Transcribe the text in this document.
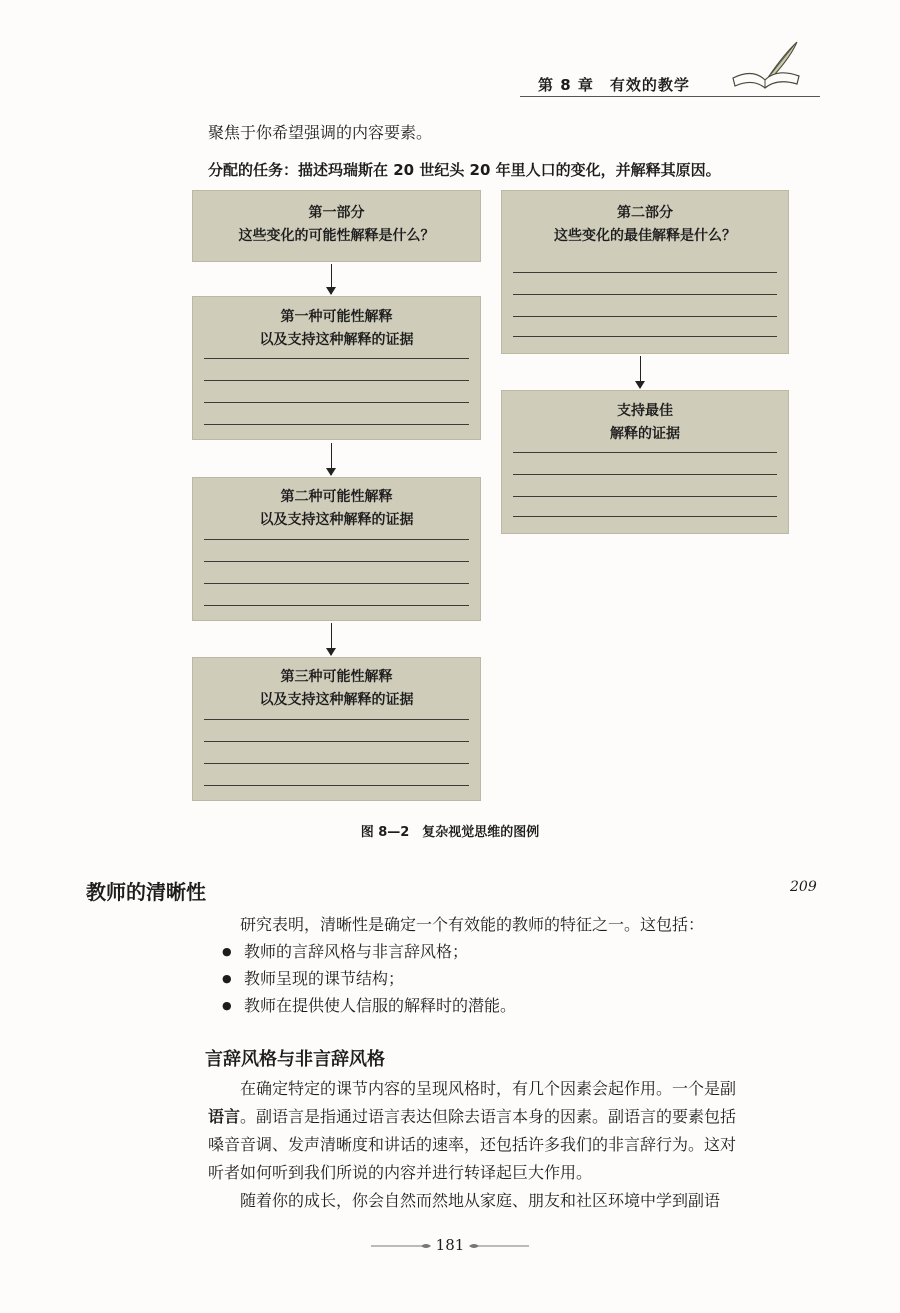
第 8 章　有效的教学
聚焦于你希望强调的内容要素。
分配的任务：描述玛瑞斯在 20 世纪头 20 年里人口的变化，并解释其原因。
第一部分
这些变化的可能性解释是什么？
第一种可能性解释
以及支持这种解释的证据
第二种可能性解释
以及支持这种解释的证据
第三种可能性解释
以及支持这种解释的证据
第二部分
这些变化的最佳解释是什么？
支持最佳
解释的证据
图 8—2　复杂视觉思维的图例
教师的清晰性	209
研究表明，清晰性是确定一个有效能的教师的特征之一。这包括：
● 教师的言辞风格与非言辞风格；
● 教师呈现的课节结构；
● 教师在提供使人信服的解释时的潜能。
言辞风格与非言辞风格
在确定特定的课节内容的呈现风格时，有几个因素会起作用。一个是副
语言。副语言是指通过语言表达但除去语言本身的因素。副语言的要素包括
嗓音音调、发声清晰度和讲话的速率，还包括许多我们的非言辞行为。这对
听者如何听到我们所说的内容并进行转译起巨大作用。
随着你的成长，你会自然而然地从家庭、朋友和社区环境中学到副语
181
